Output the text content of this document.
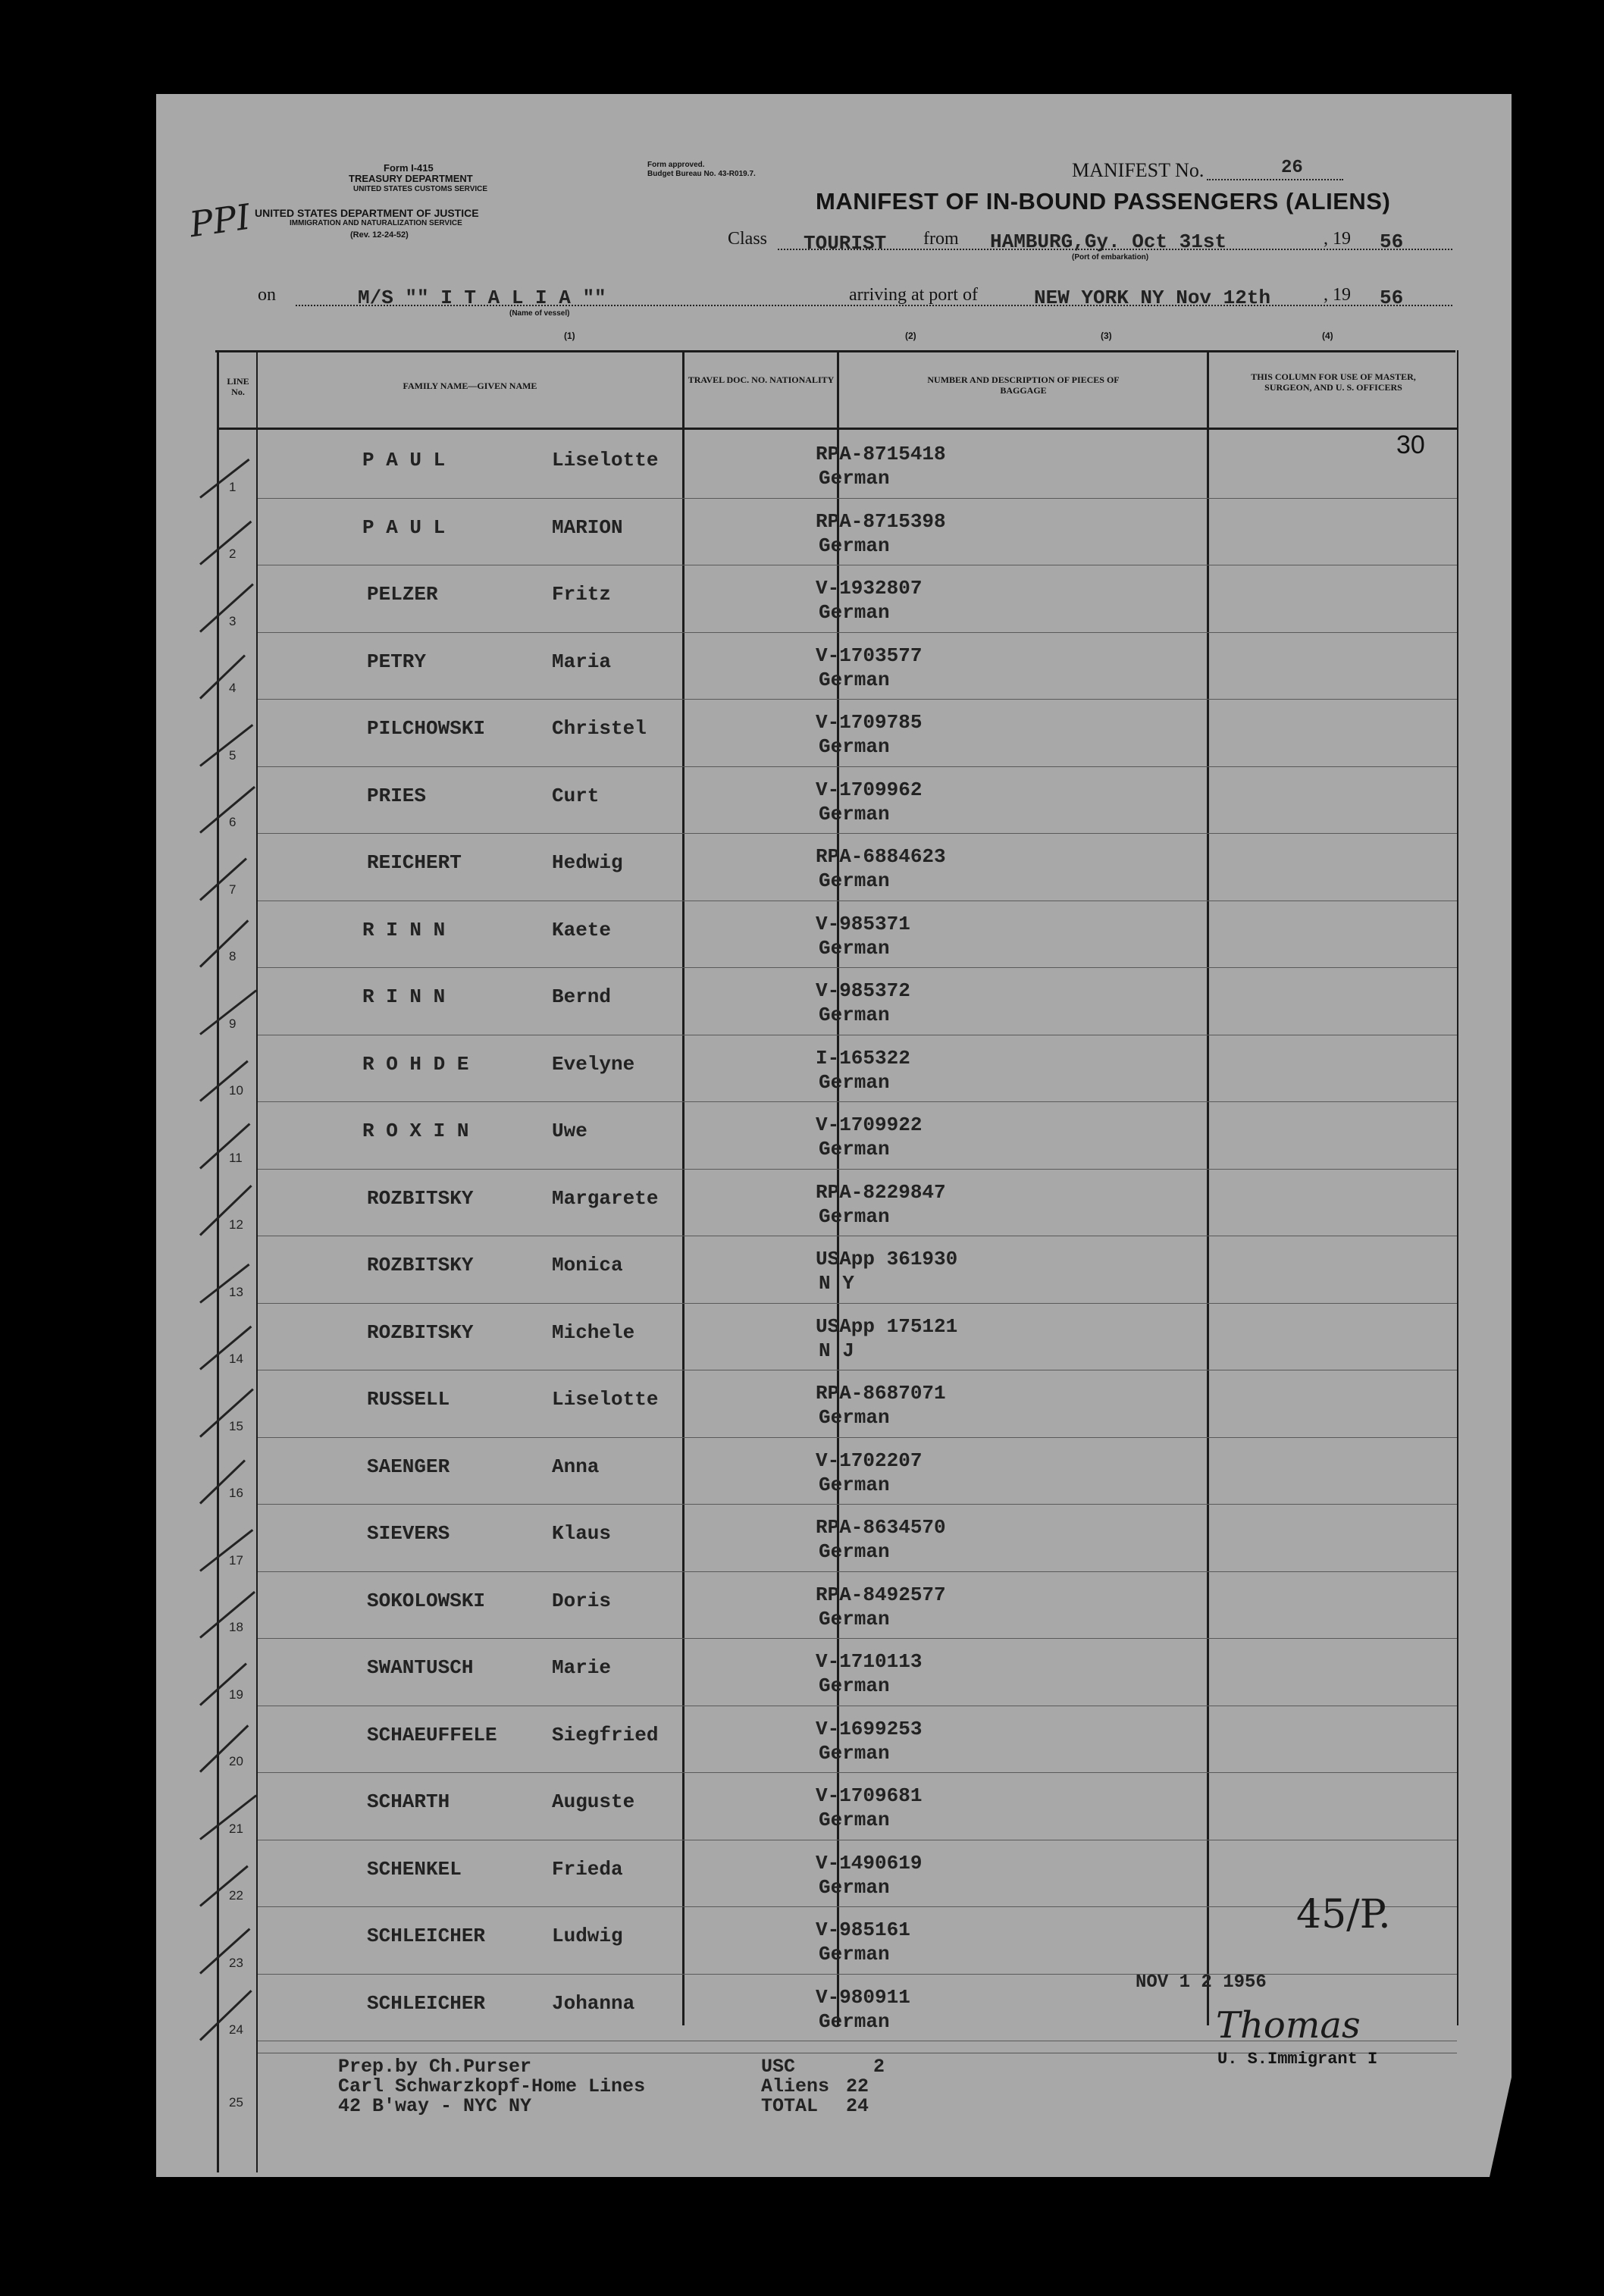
Form I-415
TREASURY DEPARTMENT
UNITED STATES CUSTOMS SERVICE
UNITED STATES DEPARTMENT OF JUSTICE
IMMIGRATION AND NATURALIZATION SERVICE
(Rev. 12-24-52)
PPI
Form approved.
Budget Bureau No. 43-R019.7.	MANIFEST No.	26
MANIFEST OF IN-BOUND PASSENGERS (ALIENS)
Class TOURIST from HAMBURG,Gy. Oct 31st
(Port of embarkation)
, 19 56
on	M/S "" I T A L I A ""
(Name of vessel)
arriving at port of	NEW YORK NY Nov 12th	, 19 56
(1)	(2)	(3)	(4)
LINE No.
FAMILY NAME—GIVEN NAME
TRAVEL DOC. NO. NATIONALITY	NUMBER AND DESCRIPTION OF PIECES OF BAGGAGE
THIS COLUMN FOR USE OF MASTER, SURGEON, AND U. S. OFFICERS
1
P A U L	Liselotte	RPA-8715418
German
2
P A U L	MARION	RPA-8715398
German
3
PELZER	Fritz	V-1932807
German
4
PETRY	Maria	V-1703577
German
5
PILCHOWSKI	Christel	V-1709785
German
6
PRIES	Curt	V-1709962
German
7
REICHERT	Hedwig	RPA-6884623
German
8
R I N N	Kaete	V-985371
German
9
R I N N	Bernd	V-985372
German
10
R O H D E	Evelyne	I-165322
German
11
R O X I N	Uwe	V-1709922
German
12
ROZBITSKY	Margarete	RPA-8229847
German
13
ROZBITSKY	Monica	USApp 361930
N Y
14
ROZBITSKY	Michele	USApp 175121
N J
15
RUSSELL	Liselotte	RPA-8687071
German
16
SAENGER	Anna	V-1702207
German
17
SIEVERS	Klaus	RPA-8634570
German
18
SOKOLOWSKI	Doris	RPA-8492577
German
19
SWANTUSCH	Marie	V-1710113
German
20
SCHAEUFFELE	Siegfried	V-1699253
German
21
SCHARTH	Auguste	V-1709681
German
22
SCHENKEL	Frieda	V-1490619
German
23
SCHLEICHER	Ludwig	V-985161
German
24
SCHLEICHER	Johanna	V-980911
German
25
Prep.by Ch.Purser
Carl Schwarzkopf-Home Lines
42 B'way - NYC NY
USC	2
Aliens 22
TOTAL 24
NOV 1 2 1956
Thomas
U. S.Immigrant I
45/P.
30
